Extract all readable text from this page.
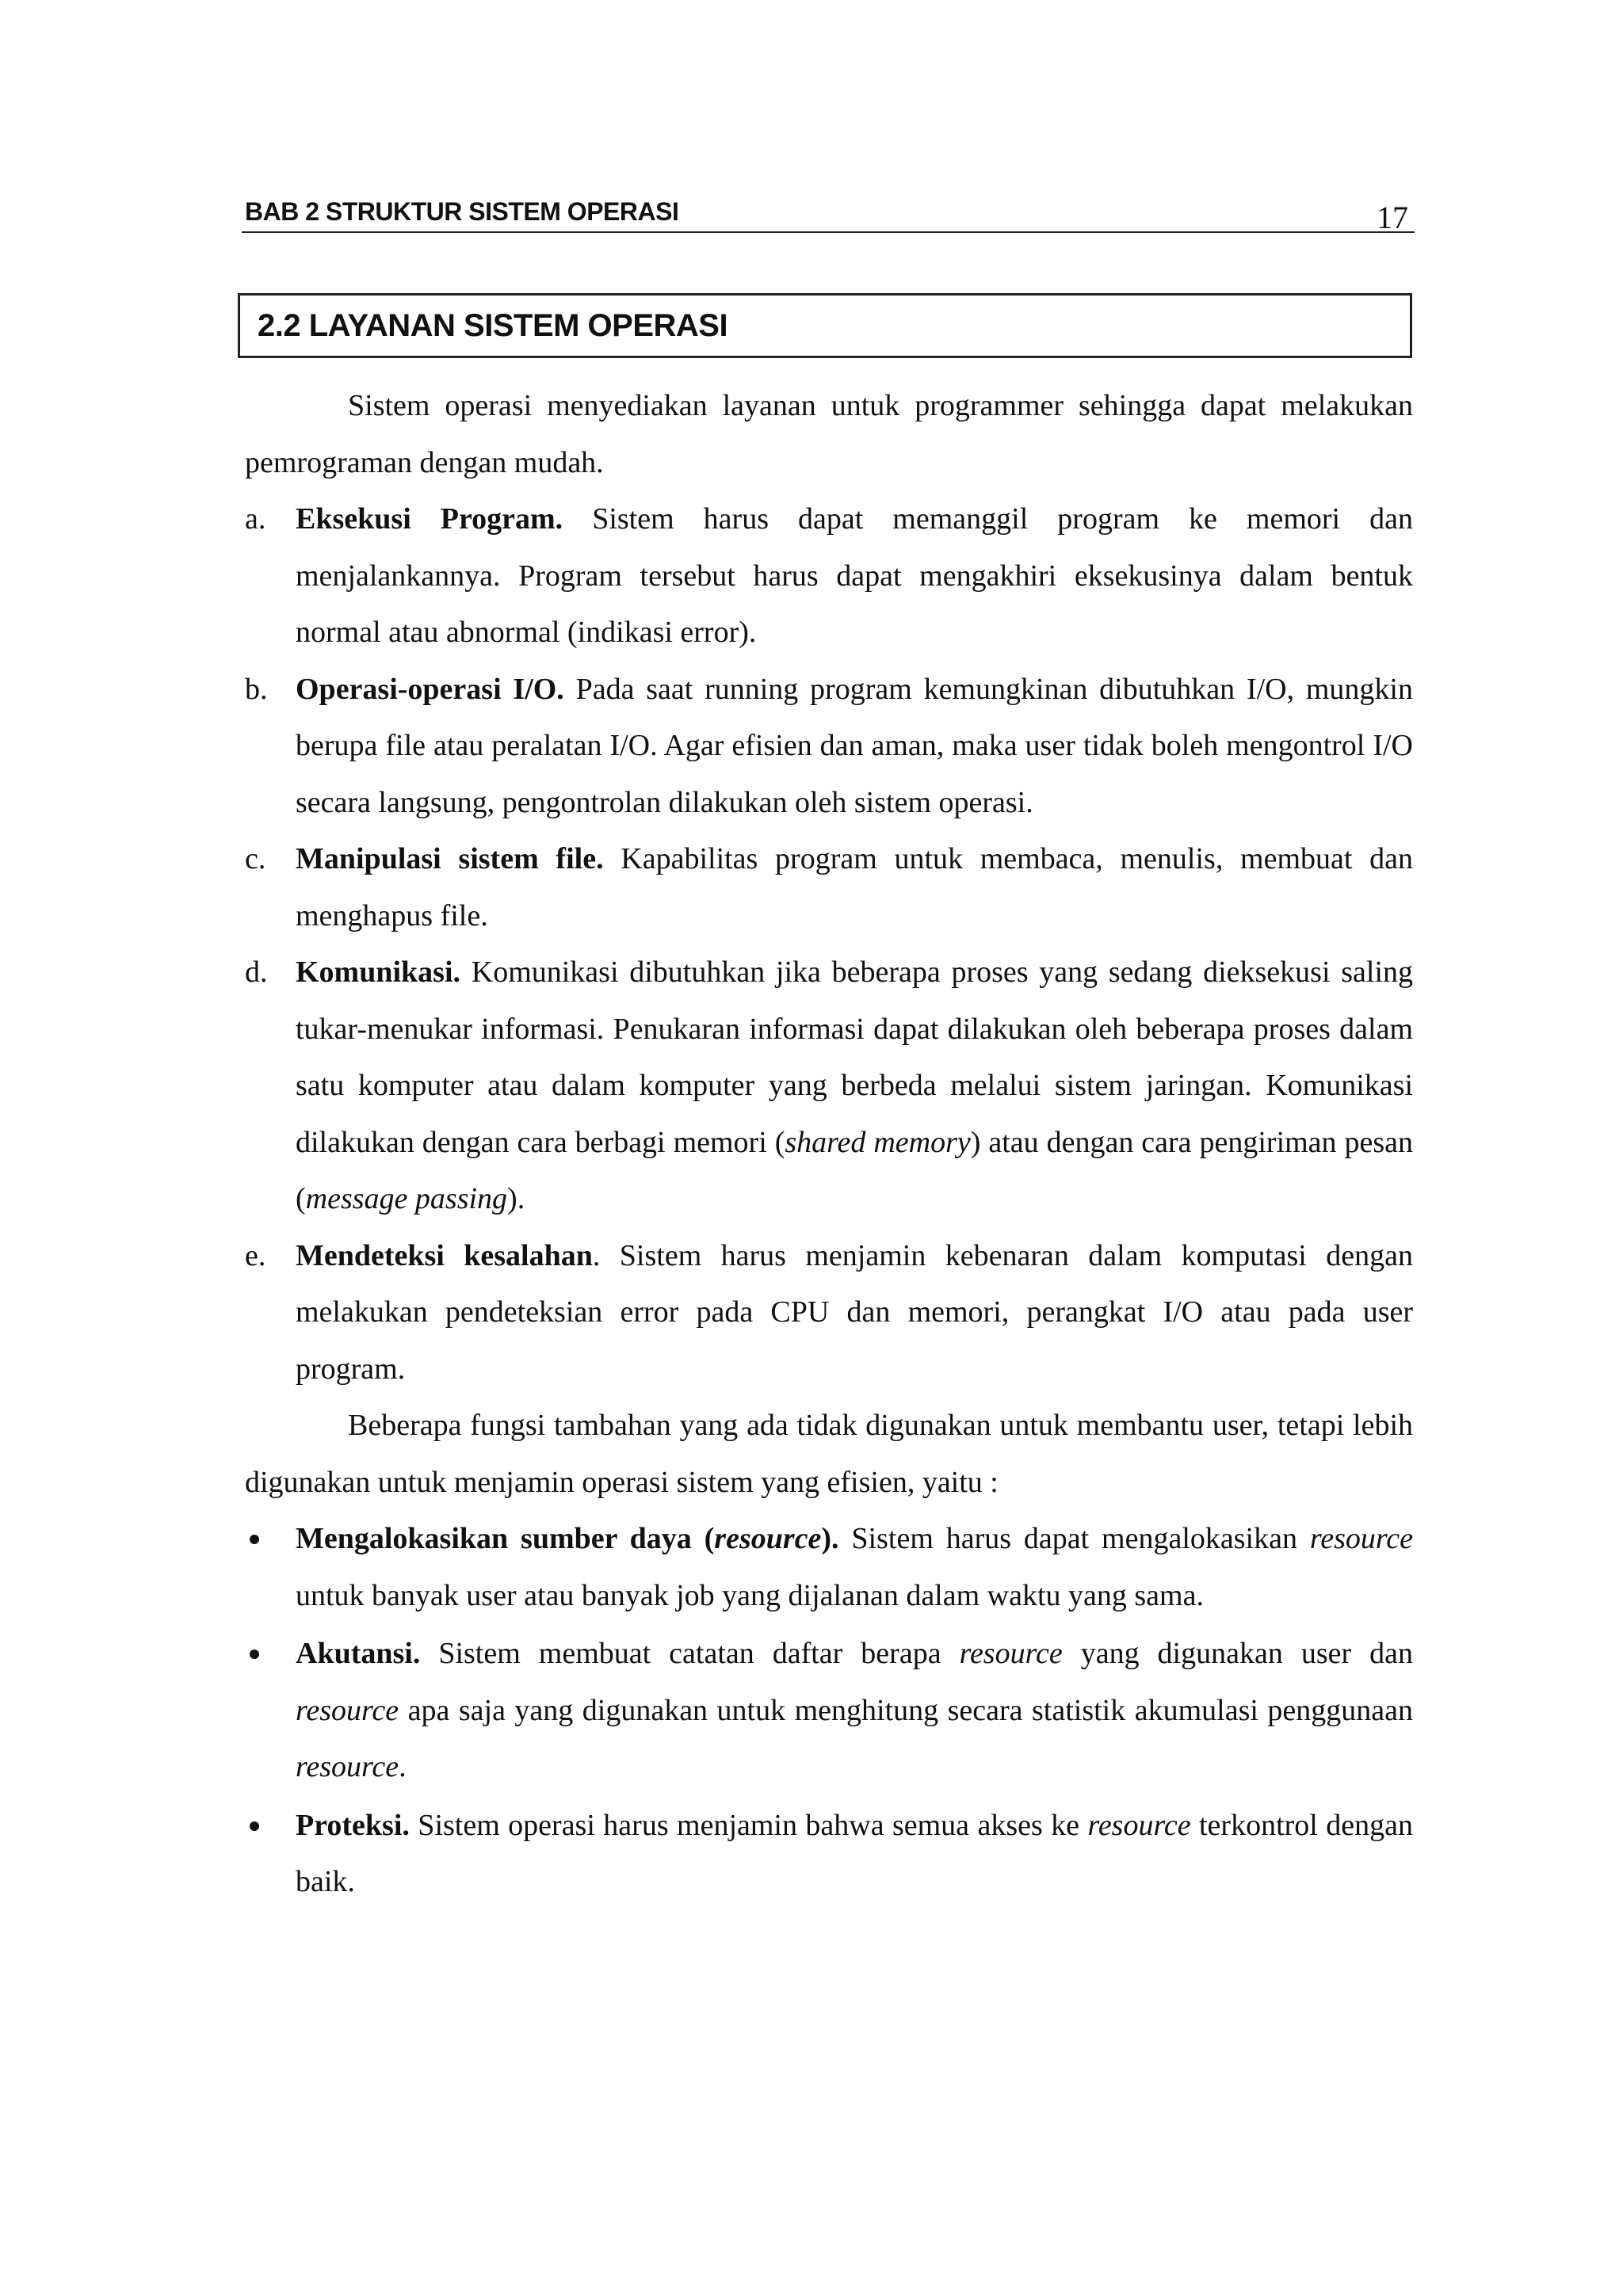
BAB 2 STRUKTUR SISTEM OPERASI	17
2.2 LAYANAN SISTEM OPERASI

Sistem operasi menyediakan layanan untuk programmer sehingga dapat melakukan pemrograman dengan mudah.

a. Eksekusi Program. Sistem harus dapat memanggil program ke memori dan menjalankannya. Program tersebut harus dapat mengakhiri eksekusinya dalam bentuk normal atau abnormal (indikasi error).
b. Operasi-operasi I/O. Pada saat running program kemungkinan dibutuhkan I/O, mungkin berupa file atau peralatan I/O. Agar efisien dan aman, maka user tidak boleh mengontrol I/O secara langsung, pengontrolan dilakukan oleh sistem operasi.
c. Manipulasi sistem file. Kapabilitas program untuk membaca, menulis, membuat dan menghapus file.
d. Komunikasi. Komunikasi dibutuhkan jika beberapa proses yang sedang dieksekusi saling tukar-menukar informasi. Penukaran informasi dapat dilakukan oleh beberapa proses dalam satu komputer atau dalam komputer yang berbeda melalui sistem jaringan. Komunikasi dilakukan dengan cara berbagi memori (shared memory) atau dengan cara pengiriman pesan (message passing).
e. Mendeteksi kesalahan. Sistem harus menjamin kebenaran dalam komputasi dengan melakukan pendeteksian error pada CPU dan memori, perangkat I/O atau pada user program.

Beberapa fungsi tambahan yang ada tidak digunakan untuk membantu user, tetapi lebih digunakan untuk menjamin operasi sistem yang efisien, yaitu :

Mengalokasikan sumber daya (resource). Sistem harus dapat mengalokasikan resource untuk banyak user atau banyak job yang dijalanan dalam waktu yang sama.
Akutansi. Sistem membuat catatan daftar berapa resource yang digunakan user dan resource apa saja yang digunakan untuk menghitung secara statistik akumulasi penggunaan resource.
Proteksi. Sistem operasi harus menjamin bahwa semua akses ke resource terkontrol dengan baik.
